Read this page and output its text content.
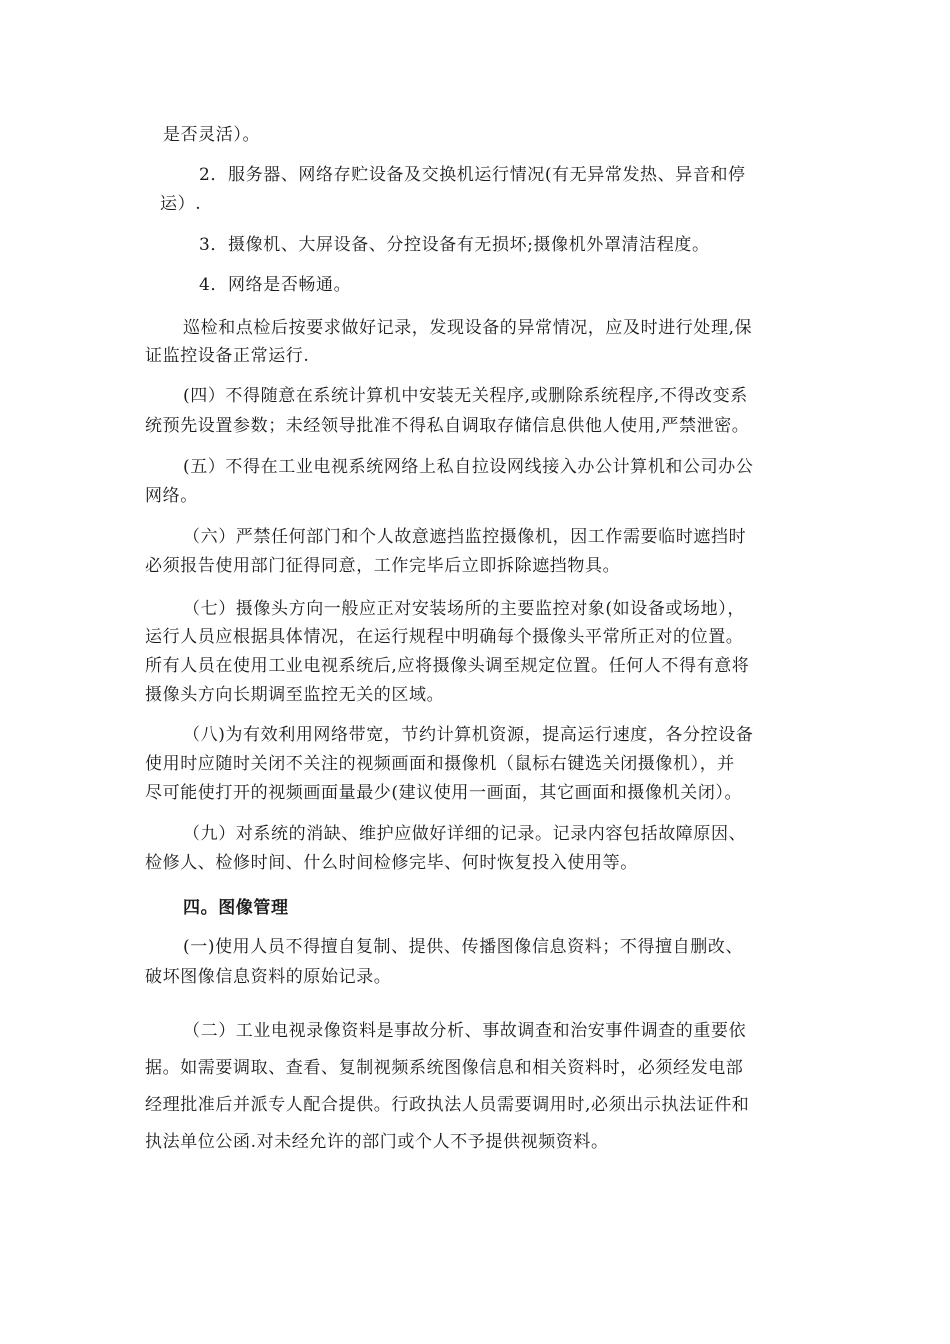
是否灵活）。
2．服务器、网络存贮设备及交换机运行情况(有无异常发热、异音和停
运）.
3．摄像机、大屏设备、分控设备有无损坏;摄像机外罩清洁程度。
4．网络是否畅通。
巡检和点检后按要求做好记录，发现设备的异常情况，应及时进行处理,保
证监控设备正常运行.
(四）不得随意在系统计算机中安装无关程序,或删除系统程序,不得改变系
统预先设置参数；未经领导批准不得私自调取存储信息供他人使用,严禁泄密。
(五）不得在工业电视系统网络上私自拉设网线接入办公计算机和公司办公
网络。
（六）严禁任何部门和个人故意遮挡监控摄像机，因工作需要临时遮挡时
必须报告使用部门征得同意，工作完毕后立即拆除遮挡物具。
（七）摄像头方向一般应正对安装场所的主要监控对象(如设备或场地），
运行人员应根据具体情况，在运行规程中明确每个摄像头平常所正对的位置。
所有人员在使用工业电视系统后,应将摄像头调至规定位置。任何人不得有意将
摄像头方向长期调至监控无关的区域。
（八)为有效利用网络带宽，节约计算机资源，提高运行速度，各分控设备
使用时应随时关闭不关注的视频画面和摄像机（鼠标右键选关闭摄像机），并
尽可能使打开的视频画面量最少(建议使用一画面，其它画面和摄像机关闭）。
（九）对系统的消缺、维护应做好详细的记录。记录内容包括故障原因、
检修人、检修时间、什么时间检修完毕、何时恢复投入使用等。
四。图像管理
(一)使用人员不得擅自复制、提供、传播图像信息资料；不得擅自删改、
破坏图像信息资料的原始记录。
（二）工业电视录像资料是事故分析、事故调查和治安事件调查的重要依
据。如需要调取、查看、复制视频系统图像信息和相关资料时，必须经发电部
经理批准后并派专人配合提供。行政执法人员需要调用时,必须出示执法证件和
执法单位公函.对未经允许的部门或个人不予提供视频资料。
